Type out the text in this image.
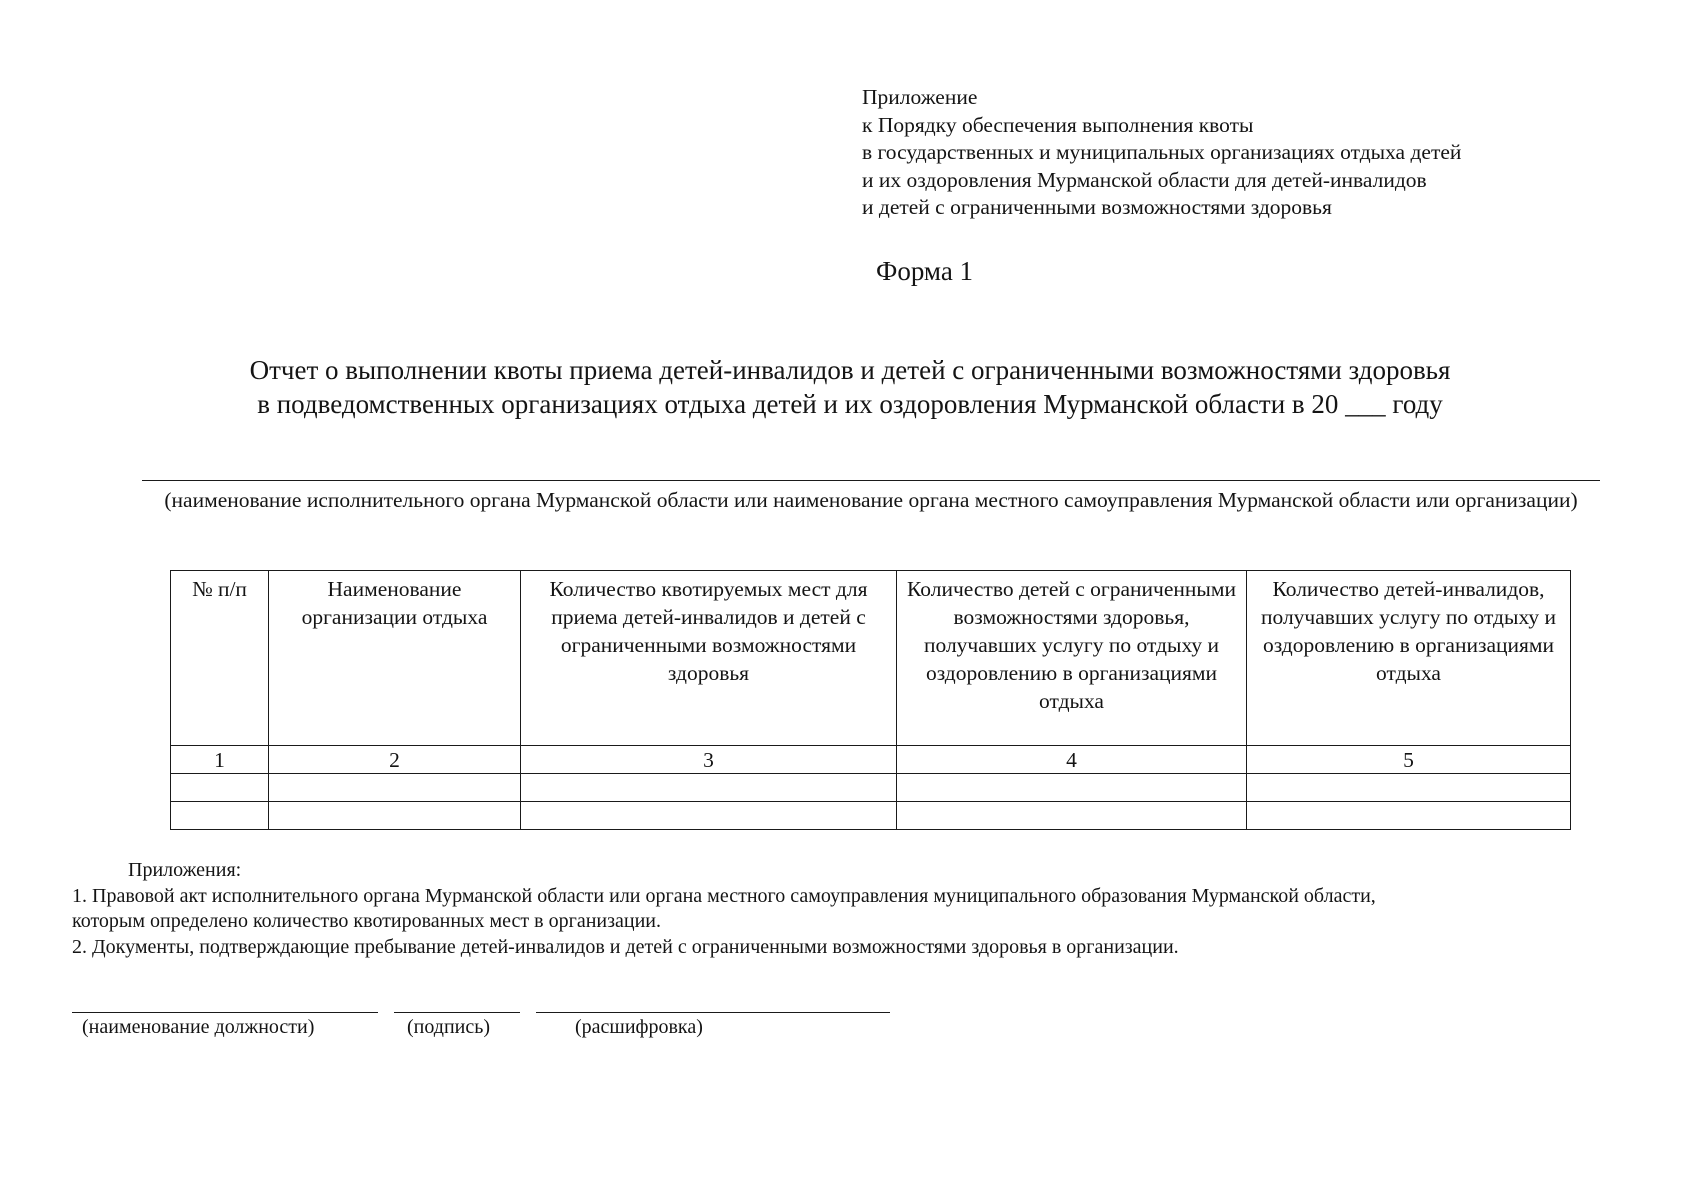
Приложение
к Порядку обеспечения выполнения квоты
в государственных и муниципальных организациях отдыха детей
и их оздоровления Мурманской области для детей-инвалидов
и детей с ограниченными возможностями здоровья
Форма 1
Отчет о выполнении квоты приема детей-инвалидов и детей с ограниченными возможностями здоровья
в подведомственных организациях отдыха детей и их оздоровления Мурманской области в 20 ___ году
(наименование исполнительного органа Мурманской области или наименование органа местного самоуправления Мурманской области или организации)
№ п/п	Наименование организации отдыха	Количество квотируемых мест для приема детей-инвалидов и детей с ограниченными возможностями здоровья	Количество детей с ограниченными возможностями здоровья, получавших услугу по отдыху и оздоровлению в организациями отдыха	Количество детей-инвалидов, получавших услугу по отдыху и оздоровлению в организациями отдыха
1	2	3	4	5

Приложения:
1. Правовой акт исполнительного органа Мурманской области или органа местного самоуправления муниципального образования Мурманской области,
которым определено количество квотированных мест в организации.
2. Документы, подтверждающие пребывание детей-инвалидов и детей с ограниченными возможностями здоровья в организации.
(наименование должности)	(подпись)	(расшифровка)
